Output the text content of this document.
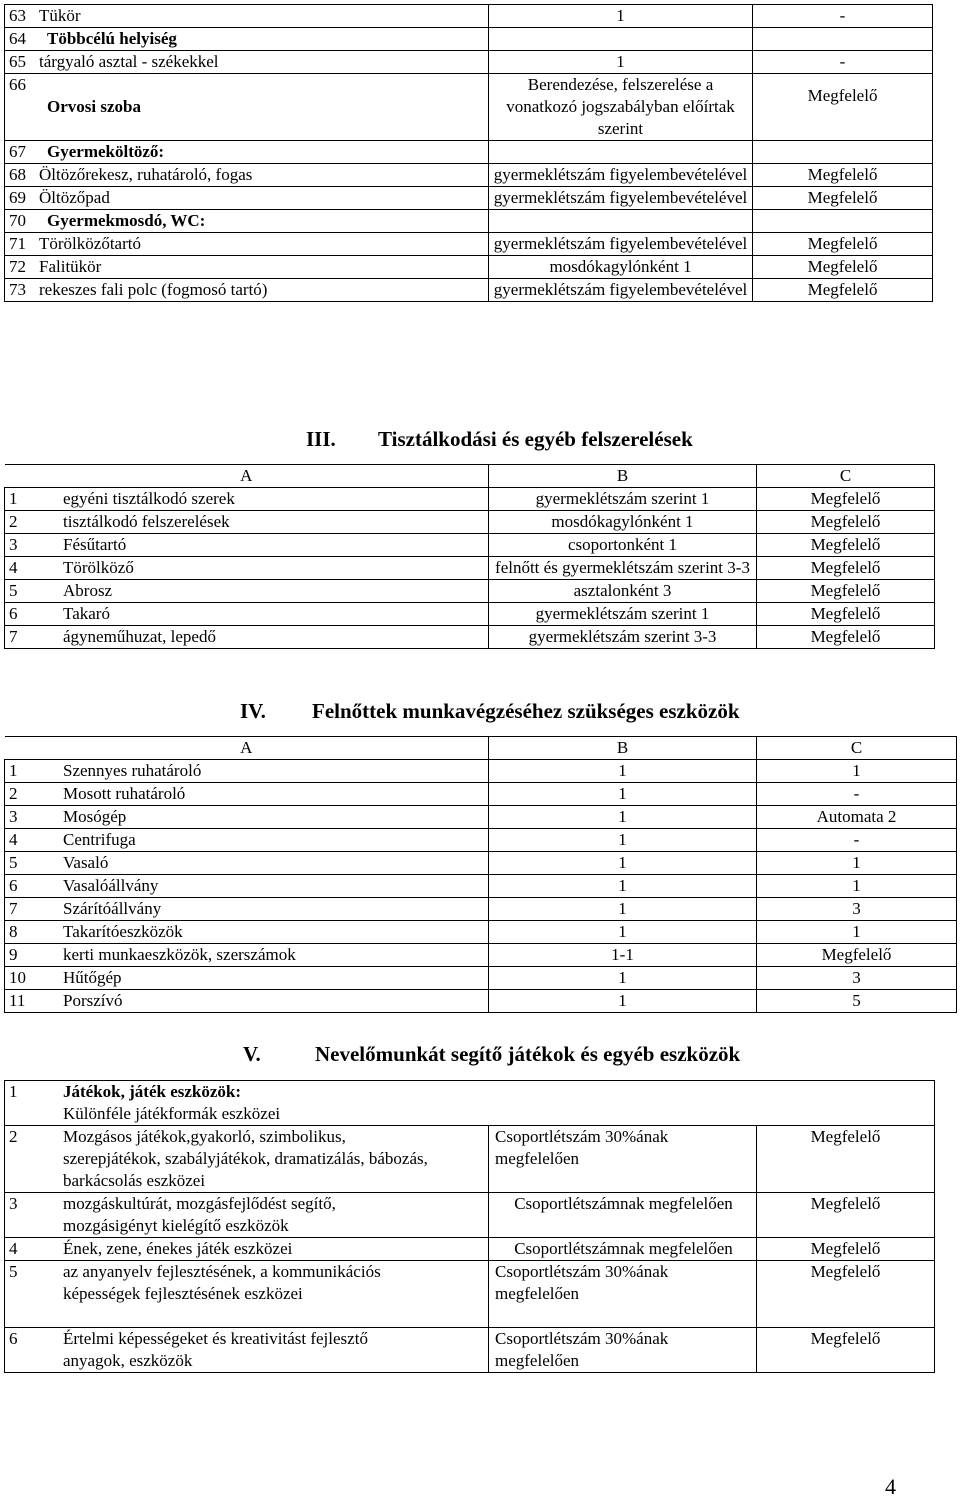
63 Tükör	1	-
64 Többcélú helyiség		
65 tárgyaló asztal - székekkel	1	-
66Orvosi szoba	Berendezése, felszerelése a vonatkozó jogszabályban előírtak szerint	Megfelelő
67 Gyermeköltöző:		
68 Öltözőrekesz, ruhatároló, fogas	gyermeklétszám figyelembevételével	Megfelelő
69 Öltözőpad	gyermeklétszám figyelembevételével	Megfelelő
70 Gyermekmosdó, WC:		
71 Törölközőtartó	gyermeklétszám figyelembevételével	Megfelelő
72 Falitükör	mosdókagylónként 1	Megfelelő
73 rekeszes fali polc (fogmosó tartó)	gyermeklétszám figyelembevételével	Megfelelő
III. Tisztálkodási és egyéb felszerelések
A	B	C
1 egyéni tisztálkodó szerek	gyermeklétszám szerint 1	Megfelelő
2 tisztálkodó felszerelések	mosdókagylónként 1	Megfelelő
3 Fésűtartó	csoportonként 1	Megfelelő
4 Törölköző	felnőtt és gyermeklétszám szerint 3-3	Megfelelő
5 Abrosz	asztalonként 3	Megfelelő
6 Takaró	gyermeklétszám szerint 1	Megfelelő
7 ágyneműhuzat, lepedő	gyermeklétszám szerint 3-3	Megfelelő
IV. Felnőttek munkavégzéséhez szükséges eszközök
A	B	C
1 Szennyes ruhatároló	1	1
2 Mosott ruhatároló	1	-
3 Mosógép	1	Automata 2
4 Centrifuga	1	-
5 Vasaló	1	1
6 Vasalóállvány	1	1
7 Szárítóállvány	1	3
8 Takarítóeszközök	1	1
9 kerti munkaeszközök, szerszámok	1-1	Megfelelő
10 Hűtőgép	1	3
11 Porszívó	1	5
V.	Nevelőmunkát segítő játékok és egyéb eszközök
1 Játékok, játék eszközök:
Különféle játékformák eszközei		

2 Mozgásos játékok,gyakorló, szimbolikus, szerepjátékok, szabályjátékok, dramatizálás, bábozás, barkácsolás eszközei	Csoportlétszám 30%ának megfelelően	Megfelelő

3 mozgáskultúrát, mozgásfejlődést segítő, mozgásigényt kielégítő eszközök	Csoportlétszámnak megfelelően	Megfelelő

4 Ének, zene, énekes játék eszközei	Csoportlétszámnak megfelelően	Megfelelő

5 az anyanyelv fejlesztésének, a kommunikációs képességek fejlesztésének eszközei	Csoportlétszám 30%ának megfelelően	Megfelelő

6 Értelmi képességeket és kreativitást fejlesztő anyagok, eszközök	Csoportlétszám 30%ának megfelelően	Megfelelő
4
